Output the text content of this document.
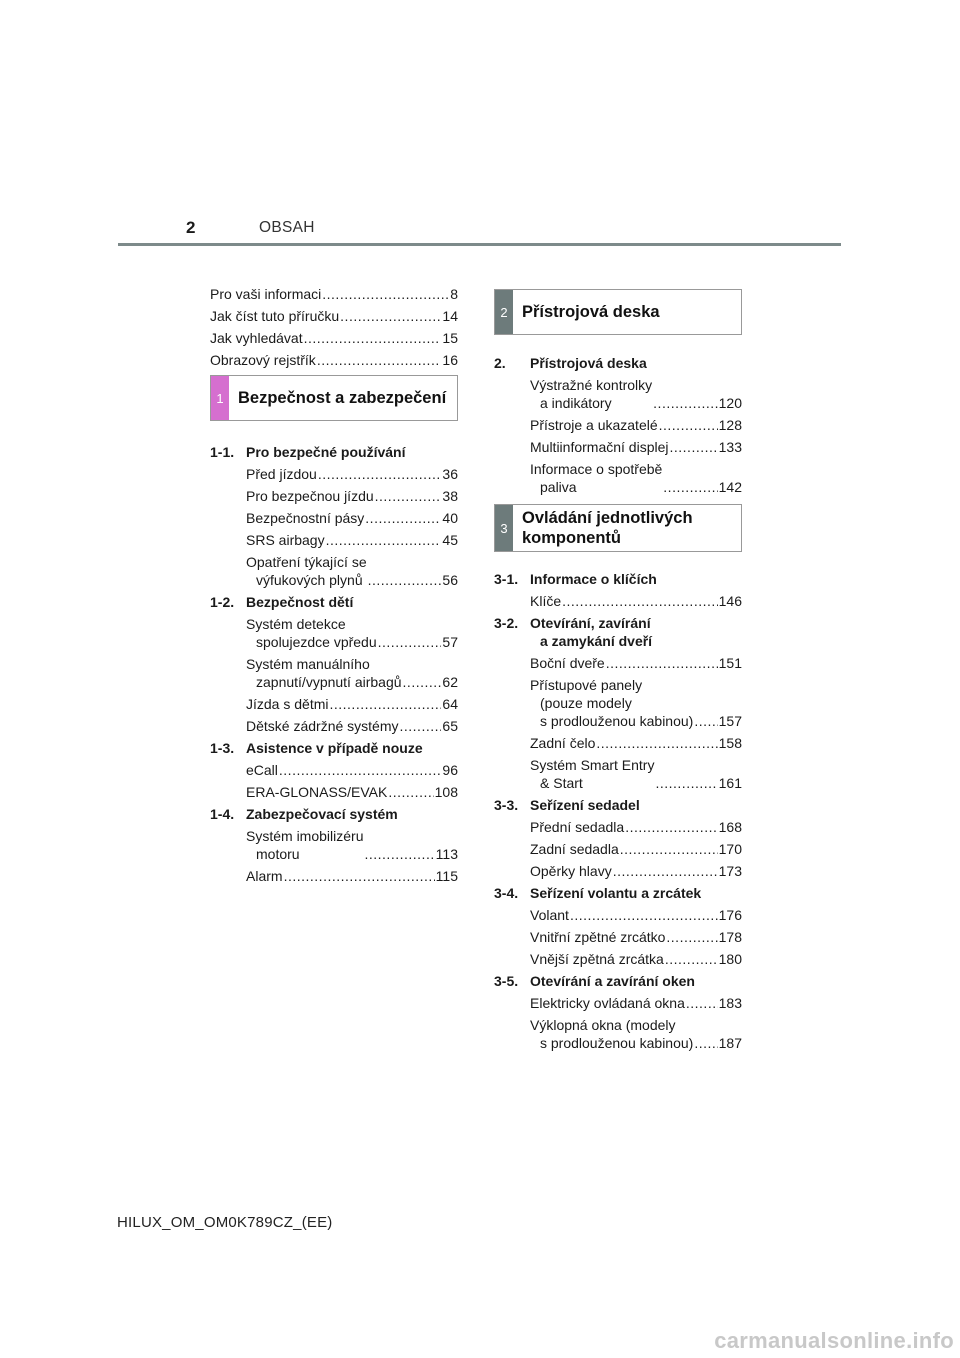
2	OBSAH
Pro vaši informaci .....	8
Jak číst tuto příručku .....	14
Jak vyhledávat .....	15
Obrazový rejstřík .....	16
1 Bezpečnost a zabezpečení
1-1. Pro bezpečné používání
Před jízdou .....	36
Pro bezpečnou jízdu .....	38
Bezpečnostní pásy .....	40
SRS airbagy .....	45
Opatření týkající se
výfukových plynů .....	56
1-2. Bezpečnost dětí
Systém detekce
spolujezdce vpředu .....	57
Systém manuálního
zapnutí/vypnutí airbagů .....	62
Jízda s dětmi .....	64
Dětské zádržné systémy .....	65
1-3. Asistence v případě nouze
eCall .....	96
ERA-GLONASS/EVAK .....	108
1-4. Zabezpečovací systém
Systém imobilizéru
motoru .....	113
Alarm .....	115
2 Přístrojová deska
2.	Přístrojová deska
Výstražné kontrolky
a indikátory .....	120
Přístroje a ukazatelé .....	128
Multiinformační displej .....	133
Informace o spotřebě
paliva .....	142
3
Ovládání jednotlivých
komponentů
3-1. Informace o klíčích
Klíče .....	146
3-2. Otevírání, zavírání
a zamykání dveří
Boční dveře .....	151
Přístupové panely
(pouze modely
s prodlouženou kabinou) ..... 157
Zadní čelo .....	158
Systém Smart Entry
& Start .....	161
3-3. Seřízení sedadel
Přední sedadla .....	168
Zadní sedadla .....	170
Opěrky hlavy .....	173
3-4. Seřízení volantu a zrcátek
Volant .....	176
Vnitřní zpětné zrcátko .....	178
Vnější zpětná zrcátka .....	180
3-5. Otevírání a zavírání oken
Elektricky ovládaná okna ..... 183
Výklopná okna (modely
s prodlouženou kabinou) ..... 187
HILUX_OM_OM0K789CZ_(EE)
carmanualsonline.info
